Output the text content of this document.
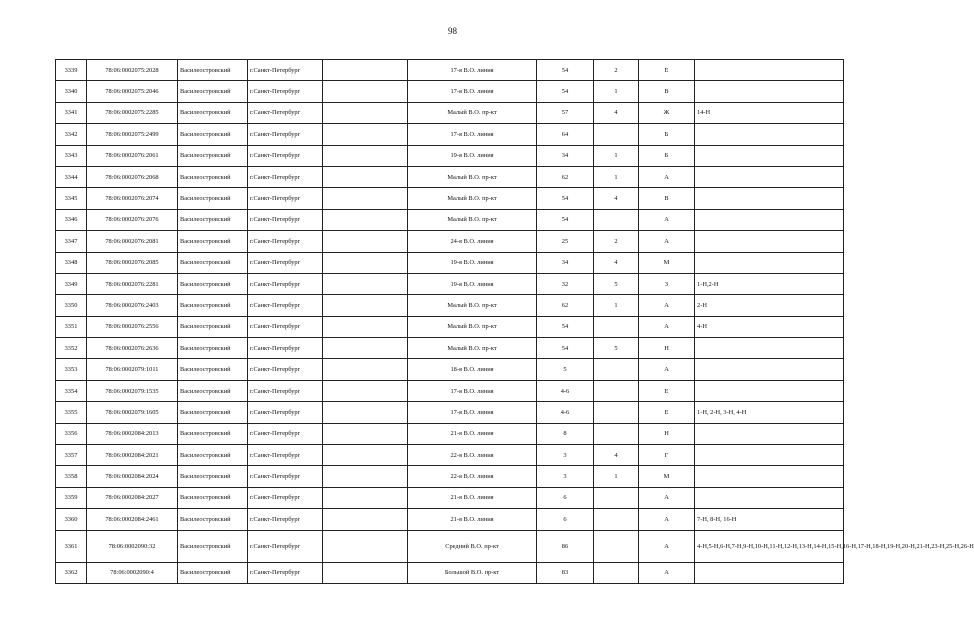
98
3339	78:06:0002075:2028	Василеостровский	г.Санкт-Петербург		17-я В.О. линия	54	2	Е	
3340	78:06:0002075:2046	Василеостровский	г.Санкт-Петербург		17-я В.О. линия	54	1	В	
3341	78:06:0002075:2285	Василеостровский	г.Санкт-Петербург		Малый В.О. пр-кт	57	4	Ж	14-Н
3342	78:06:0002075:2499	Василеостровский	г.Санкт-Петербург		17-я В.О. линия	64		Б	
3343	78:06:0002076:2061	Василеостровский	г.Санкт-Петербург		19-я В.О. линия	34	1	Б	
3344	78:06:0002076:2068	Василеостровский	г.Санкт-Петербург		Малый В.О. пр-кт	62	1	А	
3345	78:06:0002076:2074	Василеостровский	г.Санкт-Петербург		Малый В.О. пр-кт	54	4	В	
3346	78:06:0002076:2076	Василеостровский	г.Санкт-Петербург		Малый В.О. пр-кт	54		А	
3347	78:06:0002076:2081	Василеостровский	г.Санкт-Петербург		24-я В.О. линия	25	2	А	
3348	78:06:0002076:2085	Василеостровский	г.Санкт-Петербург		19-я В.О. линия	34	4	М	
3349	78:06:0002076:2281	Василеостровский	г.Санкт-Петербург		19-я В.О. линия	32	5	З	1-Н,2-Н
3350	78:06:0002076:2403	Василеостровский	г.Санкт-Петербург		Малый В.О. пр-кт	62	1	А	2-Н
3351	78:06:0002076:2556	Василеостровский	г.Санкт-Петербург		Малый В.О. пр-кт	54		А	4-Н
3352	78:06:0002076:2636	Василеостровский	г.Санкт-Петербург		Малый В.О. пр-кт	54	5	Н	
3353	78:06:0002079:1011	Василеостровский	г.Санкт-Петербург		18-я В.О. линия	5		А	
3354	78:06:0002079:1535	Василеостровский	г.Санкт-Петербург		17-я В.О. линия	4-6		Е	
3355	78:06:0002079:1605	Василеостровский	г.Санкт-Петербург		17-я В.О. линия	4-6		Е	1-Н, 2-Н, 3-Н, 4-Н
3356	78:06:0002084:2013	Василеостровский	г.Санкт-Петербург		21-я В.О. линия	8		Н	
3357	78:06:0002084:2021	Василеостровский	г.Санкт-Петербург		22-я В.О. линия	3	4	Г	
3358	78:06:0002084:2024	Василеостровский	г.Санкт-Петербург		22-я В.О. линия	3	1	М	
3359	78:06:0002084:2027	Василеостровский	г.Санкт-Петербург		21-я В.О. линия	6		А	
3360	78:06:0002084:2461	Василеостровский	г.Санкт-Петербург		21-я В.О. линия	6		А	7-Н, 8-Н, 16-Н
3361	78:06:0002090:32	Василеостровский	г.Санкт-Петербург		Средний В.О. пр-кт	86		А	4-Н,5-Н,6-Н,7-Н,9-Н,10-Н,11-Н,12-Н,13-Н,14-Н,15-Н,16-Н,17-Н,18-Н,19-Н,20-Н,21-Н,23-Н,25-Н,26-Н
3362	78:06:0002090:4	Василеостровский	г.Санкт-Петербург		Большой В.О. пр-кт	83		А	
